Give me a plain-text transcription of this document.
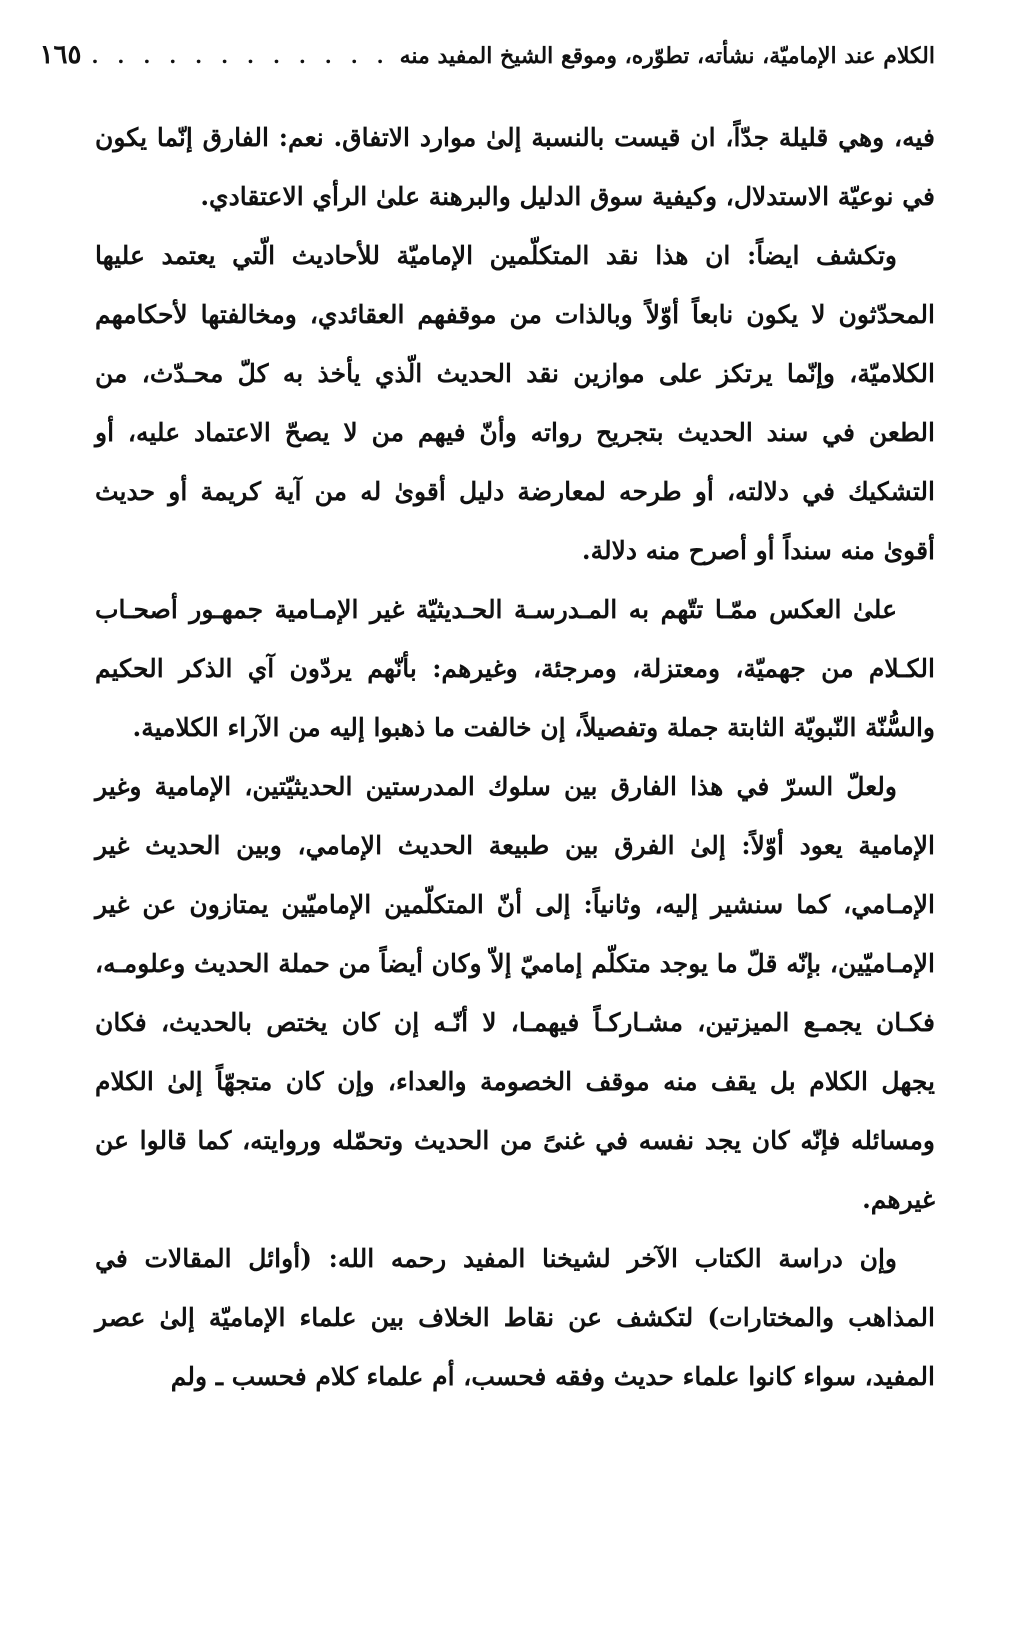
الكلام عند الإماميّة، نشأته، تطوّره، وموقع الشيخ المفيد منه
. . . . . . . . . . . .
١٦٥

فيه، وهي قليلة جدّاً، ان قيست بالنسبة إلىٰ موارد الاتفاق. نعم: الفارق إنّما يكون في نوعيّة الاستدلال، وكيفية سوق الدليل والبرهنة علىٰ الرأي الاعتقادي.

وتكشف ايضاً: ان هذا نقد المتكلّمين الإماميّة للأحاديث الّتي يعتمد عليها المحدّثون لا يكون نابعاً أوّلاً وبالذات من موقفهم العقائدي، ومخالفتها لأحكامهم الكلاميّة، وإنّما يرتكز على موازين نقد الحديث الّذي يأخذ به كلّ محـدّث، من الطعن في سند الحديث بتجريح رواته وأنّ فيهم من لا يصحّ الاعتماد عليه، أو التشكيك في دلالته، أو طرحه لمعارضة دليل أقوىٰ له من آية كريمة أو حديث أقوىٰ منه سنداً أو أصرح منه دلالة.

علىٰ العكس ممّـا تتّهم به المـدرسـة الحـديثيّة غير الإمـامية جمهـور أصحـاب الكـلام من جهميّة، ومعتزلة، ومرجئة، وغيرهم: بأنّهم يردّون آي الذكر الحكيم والسُّنّة النّبويّة الثابتة جملة وتفصيلاً، إن خالفت ما ذهبوا إليه من الآراء الكلامية.

ولعلّ السرّ في هذا الفارق بين سلوك المدرستين الحديثيّتين، الإمامية وغير الإمامية يعود أوّلاً: إلىٰ الفرق بين طبيعة الحديث الإمامي، وبين الحديث غير الإمـامي، كما سنشير إليه، وثانياً: إلى أنّ المتكلّمين الإماميّين يمتازون عن غير الإمـاميّين، بإنّه قلّ ما يوجد متكلّم إماميّ إلاّ وكان أيضاً من حملة الحديث وعلومـه، فكـان يجمـع الميزتين، مشـاركـاً فيهمـا، لا أنّـه إن كان يختص بالحديث، فكان يجهل الكلام بل يقف منه موقف الخصومة والعداء، وإن كان متجهّاً إلىٰ الكلام ومسائله فإنّه كان يجد نفسه في غنىً من الحديث وتحمّله وروايته، كما قالوا عن غيرهم.

وإن دراسة الكتاب الآخر لشيخنا المفيد رحمه الله: (أوائل المقالات في المذاهب والمختارات) لتكشف عن نقاط الخلاف بين علماء الإماميّة إلىٰ عصر المفيد، سواء كانوا علماء حديث وفقه فحسب، أم علماء كلام فحسب ـ ولم
